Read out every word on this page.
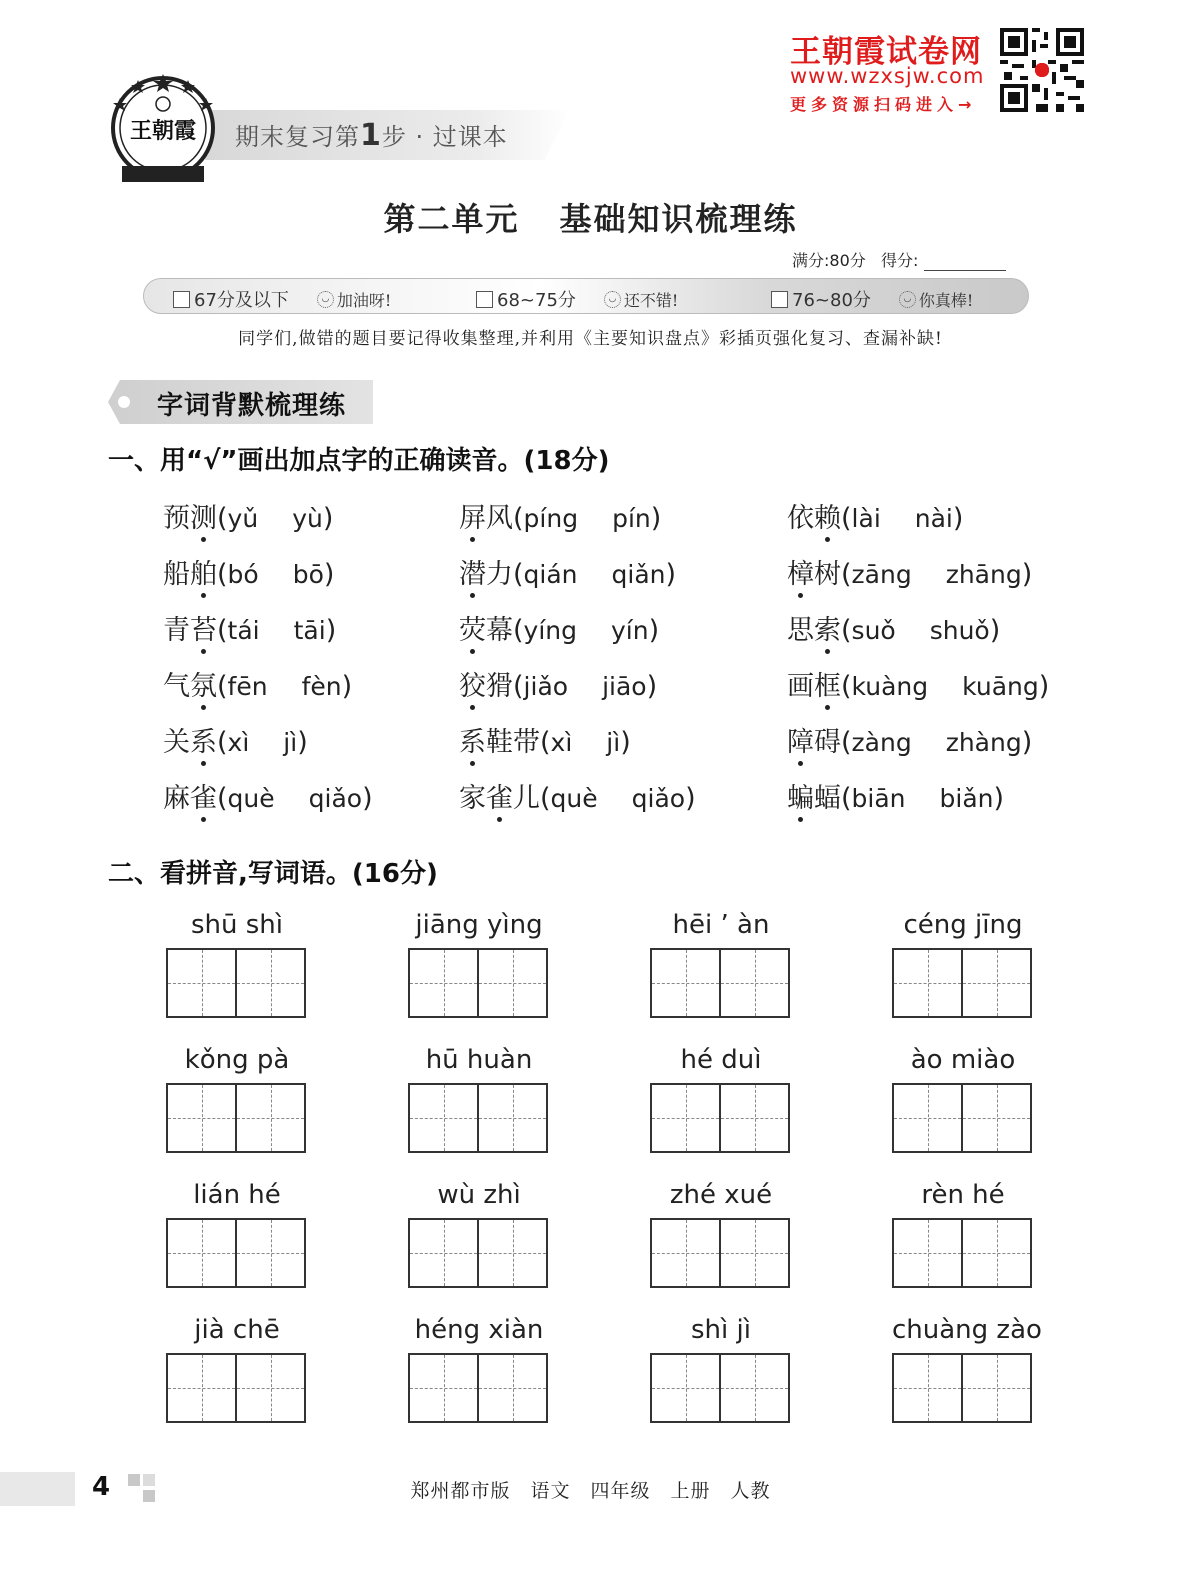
期末复习第1步 · 过课本
王朝霞
王朝霞试卷网
www.wzxsjw.com
更多资源扫码进入→
第二单元 基础知识梳理练
满分:80分 得分:
67分及以下	◡ 加油呀!	68~75分	◡ 还不错!	76~80分	◡ 你真棒!
同学们,做错的题目要记得收集整理,并利用《主要知识盘点》彩插页强化复习、查漏补缺!
字词背默梳理练
一、用“√”画出加点字的正确读音。(18分)
预测(yǔ yù)	屏风(píng pín)	依赖(lài nài)
船舶(bó bō)	潜力(qián qiǎn)	樟树(zāng zhāng)
青苔(tái tāi)	荧幕(yíng yín)	思索(suǒ shuǒ)
气氛(fēn fèn)	狡猾(jiǎo jiāo)	画框(kuàng kuāng)
关系(xì jì)	系鞋带(xì jì)	障碍(zàng zhàng)
麻雀(què qiǎo)	家雀儿(què qiǎo)	蝙蝠(biān biǎn)
二、看拼音,写词语。(16分)
shū shì	jiāng yìng	hēi ’ àn	céng jīng
kǒng pà	hū huàn	hé duì	ào miào
lián hé	wù zhì	zhé xué	rèn hé
jià chē	héng xiàn	shì jì	chuàng zào
4	郑州都市版 语文 四年级 上册 人教
